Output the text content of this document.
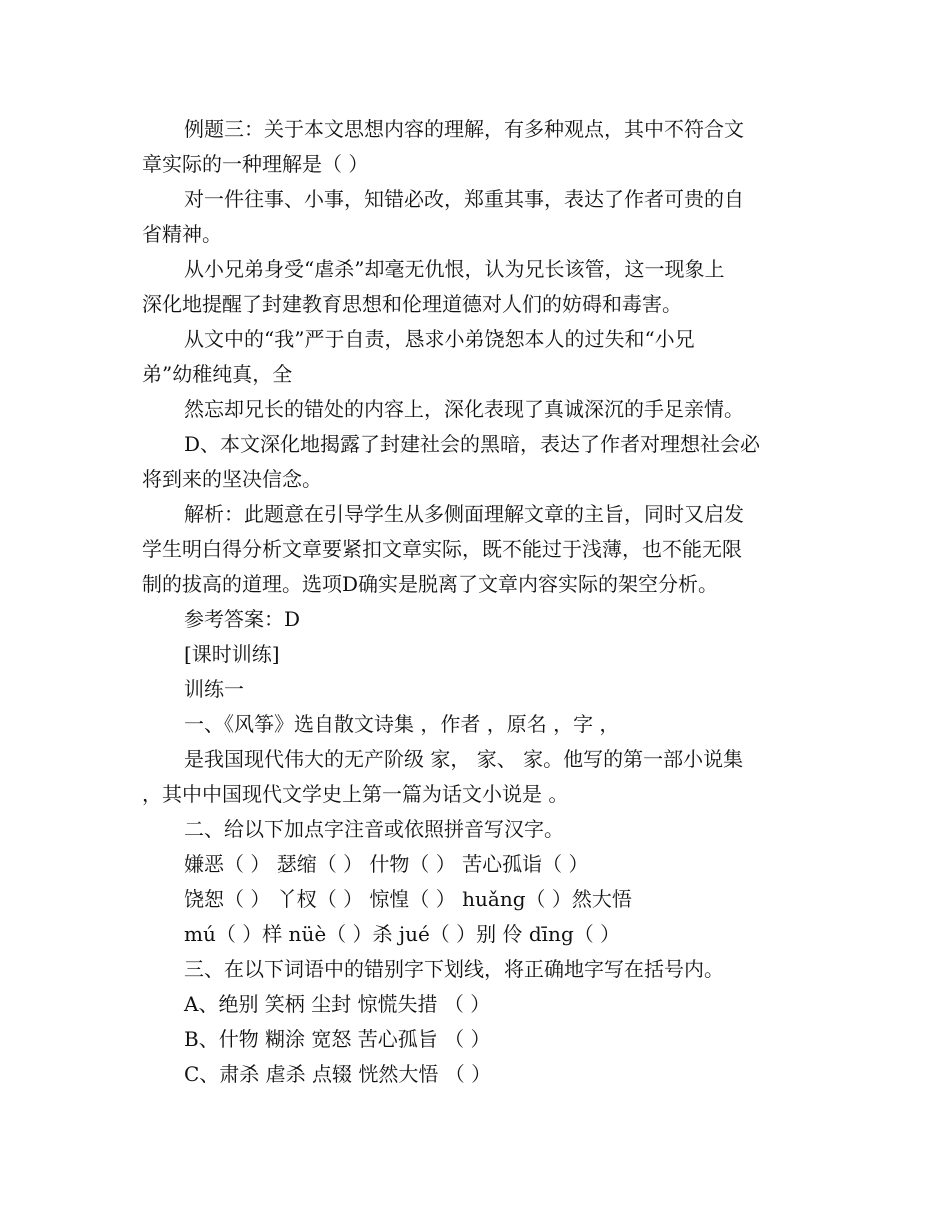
例题三：关于本文思想内容的理解，有多种观点，其中不符合文
章实际的一种理解是（ ）
对一件往事、小事，知错必改，郑重其事，表达了作者可贵的自
省精神。
从小兄弟身受“虐杀”却毫无仇恨，认为兄长该管，这一现象上
深化地提醒了封建教育思想和伦理道德对人们的妨碍和毒害。
从文中的“我”严于自责，恳求小弟饶恕本人的过失和“小兄
弟”幼稚纯真，全
然忘却兄长的错处的内容上，深化表现了真诚深沉的手足亲情。
D、本文深化地揭露了封建社会的黑暗，表达了作者对理想社会必
将到来的坚决信念。
解析：此题意在引导学生从多侧面理解文章的主旨，同时又启发
学生明白得分析文章要紧扣文章实际，既不能过于浅薄，也不能无限
制的拔高的道理。选项D确实是脱离了文章内容实际的架空分析。
参考答案：D
[课时训练]
训练一
一、《风筝》选自散文诗集 ，作者 ，原名 ，字 ，
是我国现代伟大的无产阶级 家， 家、 家。他写的第一部小说集
，其中中国现代文学史上第一篇为话文小说是 。
二、给以下加点字注音或依照拼音写汉字。
嫌恶（ ） 瑟缩（ ） 什物（ ） 苦心孤诣（ ）
饶恕（ ） 丫杈（ ） 惊惶（ ） huǎng（ ）然大悟
mú（ ）样 nüè（ ）杀 jué（ ）别 伶 dīng（ ）
三、在以下词语中的错别字下划线，将正确地字写在括号内。
A、绝别 笑柄 尘封 惊慌失措 （ ）
B、什物 糊涂 宽怒 苦心孤旨 （ ）
C、肃杀 虐杀 点辍 恍然大悟 （ ）
